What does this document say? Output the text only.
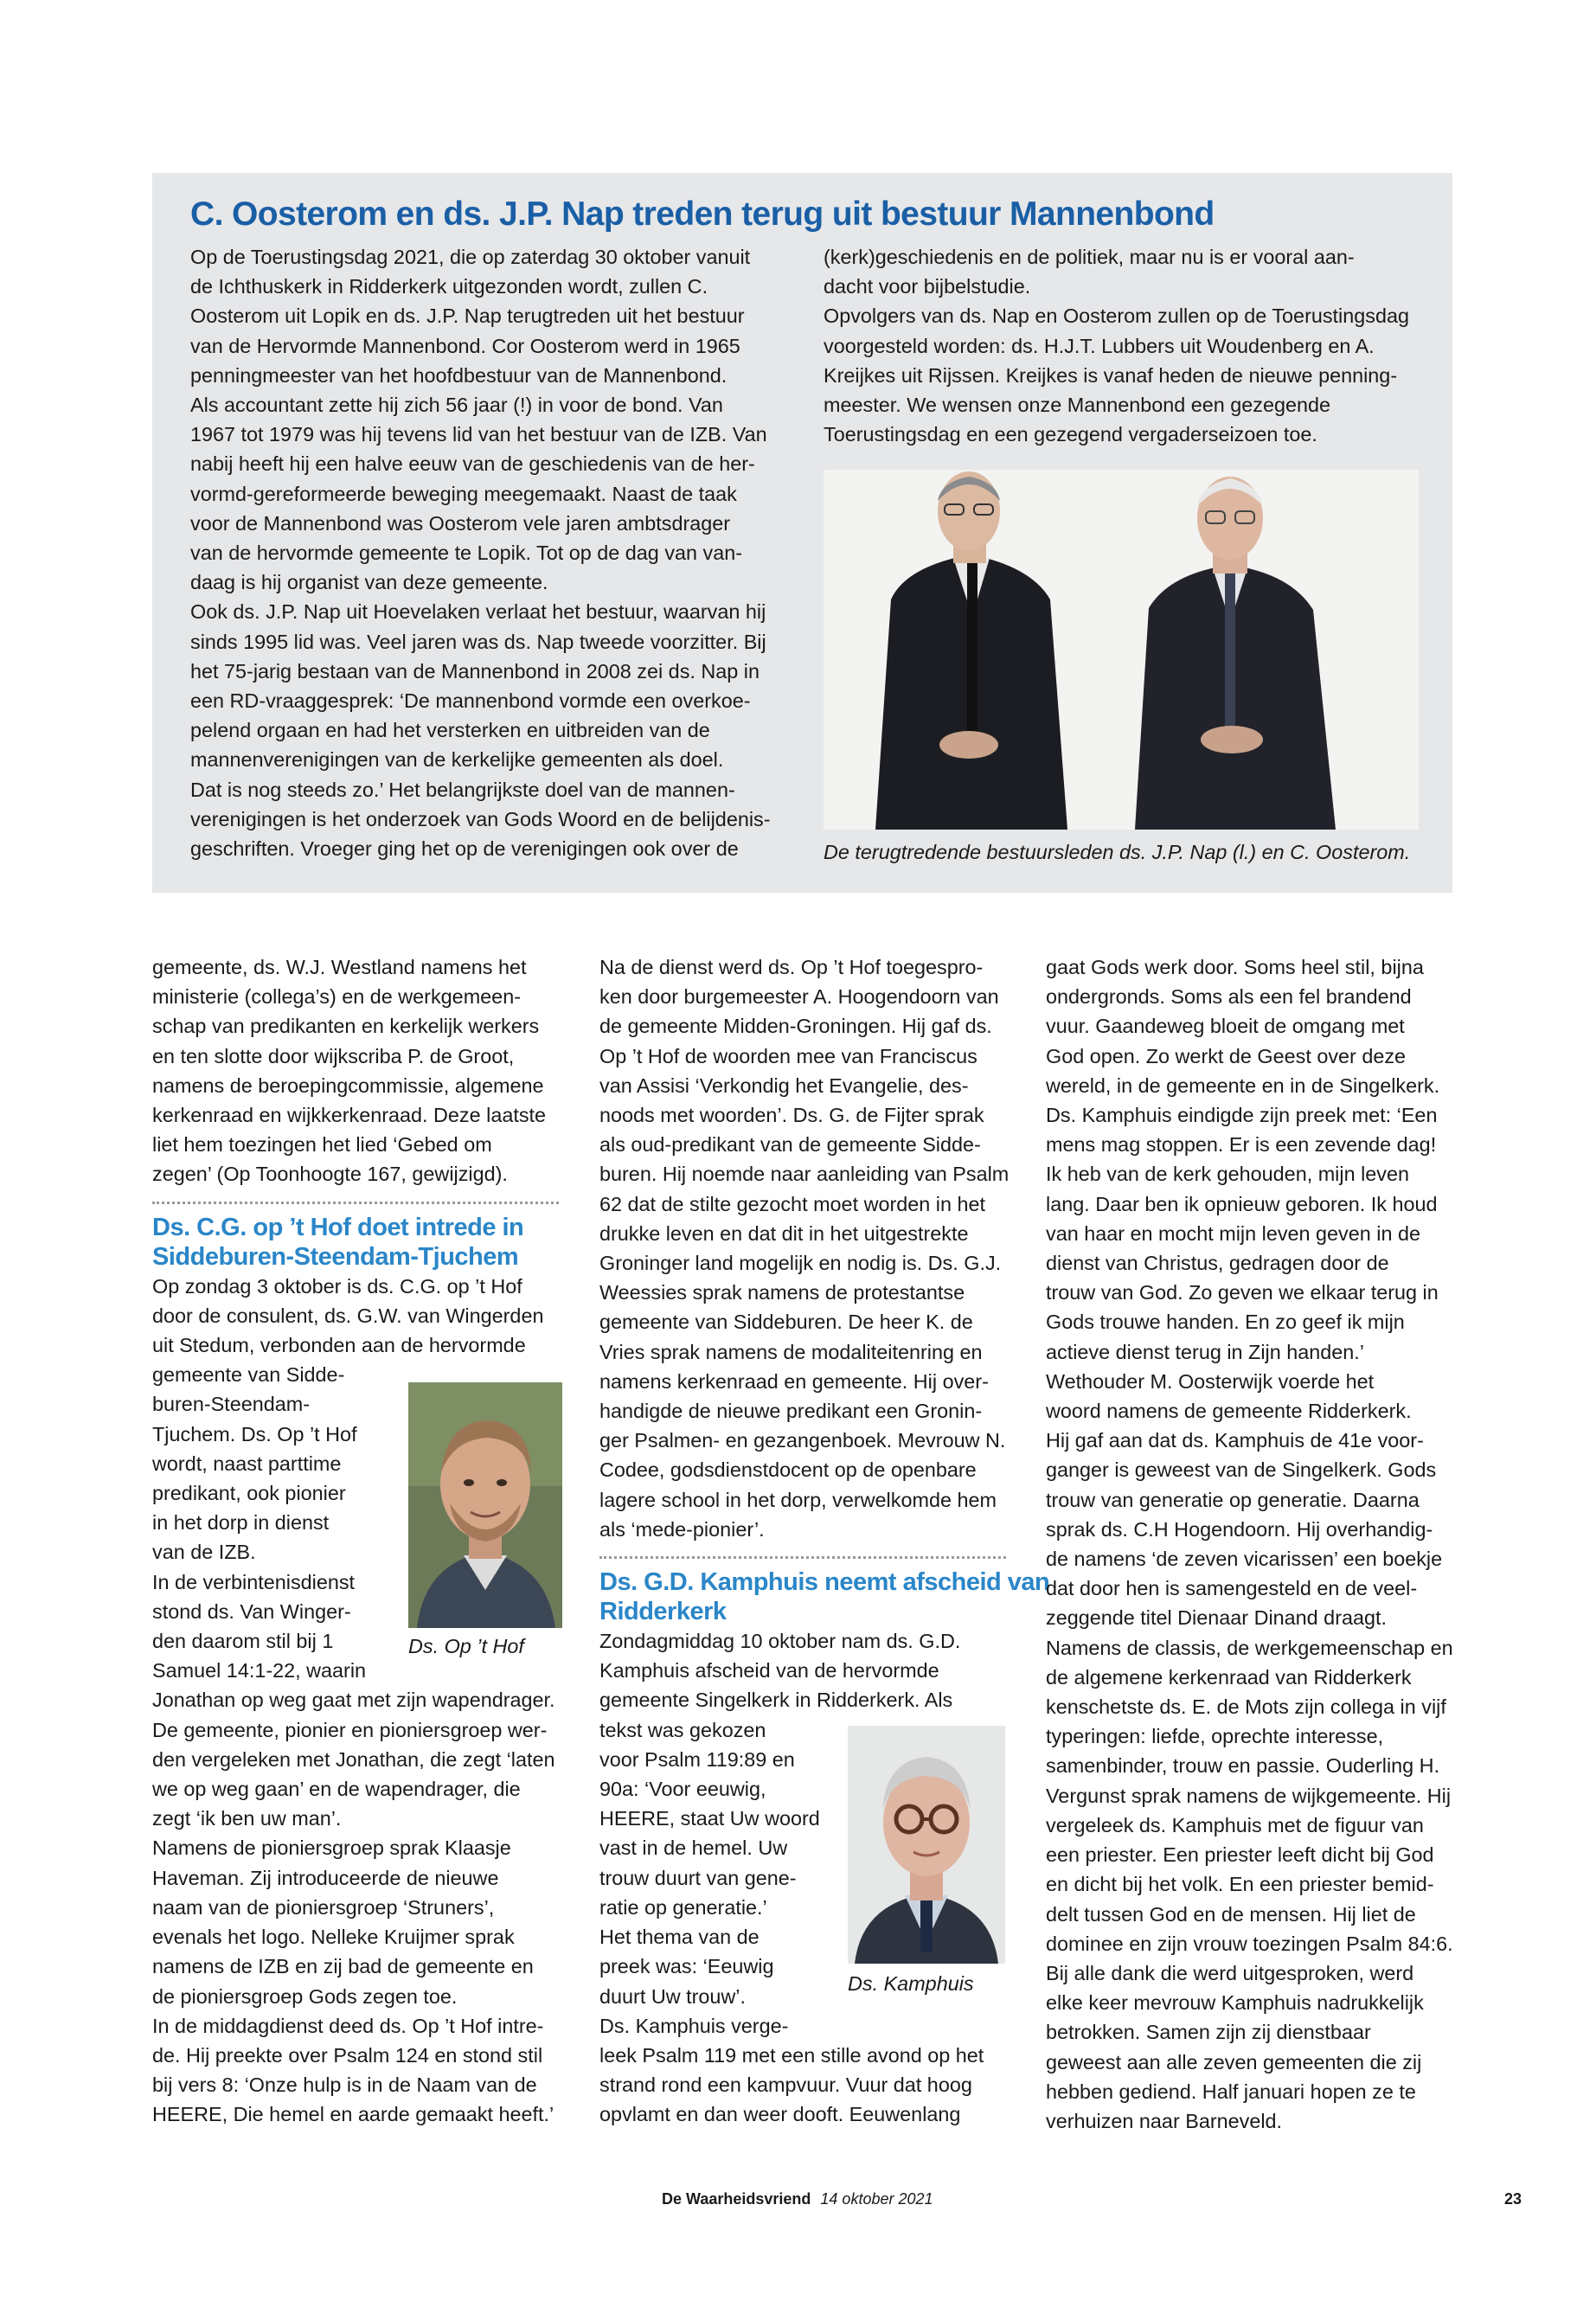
C. Oosterom en ds. J.P. Nap treden terug uit bestuur Mannenbond

Op de Toerustingsdag 2021, die op zaterdag 30 oktober vanuit

de Ichthuskerk in Ridderkerk uitgezonden wordt, zullen C.

Oosterom uit Lopik en ds. J.P. Nap terugtreden uit het bestuur

van de Hervormde Mannenbond. Cor Oosterom werd in 1965

penningmeester van het hoofdbestuur van de Mannenbond.

Als accountant zette hij zich 56 jaar (!) in voor de bond. Van

1967 tot 1979 was hij tevens lid van het bestuur van de IZB. Van

nabij heeft hij een halve eeuw van de geschiedenis van de her-

vormd-gereformeerde beweging meegemaakt. Naast de taak

voor de Mannenbond was Oosterom vele jaren ambtsdrager

van de hervormde gemeente te Lopik. Tot op de dag van van-

daag is hij organist van deze gemeente.

Ook ds. J.P. Nap uit Hoevelaken verlaat het bestuur, waarvan hij

sinds 1995 lid was. Veel jaren was ds. Nap tweede voorzitter. Bij

het 75-jarig bestaan van de Mannenbond in 2008 zei ds. Nap in

een RD-vraaggesprek: ‘De mannenbond vormde een overkoe-

pelend orgaan en had het versterken en uitbreiden van de

mannenverenigingen van de kerkelijke gemeenten als doel.

Dat is nog steeds zo.’ Het belangrijkste doel van de mannen-

verenigingen is het onderzoek van Gods Woord en de belijdenis-

geschriften. Vroeger ging het op de verenigingen ook over de

(kerk)geschiedenis en de politiek, maar nu is er vooral aan-

dacht voor bijbelstudie.

Opvolgers van ds. Nap en Oosterom zullen op de Toerustingsdag

voorgesteld worden: ds. H.J.T. Lubbers uit Woudenberg en A.

Kreijkes uit Rijssen. Kreijkes is vanaf heden de nieuwe penning-

meester. We wensen onze Mannenbond een gezegende

Toerustingsdag en een gezegend vergaderseizoen toe.

De terugtredende bestuursleden ds. J.P. Nap (l.) en C. Oosterom.

gemeente, ds. W.J. Westland namens het

ministerie (collega’s) en de werkgemeen-

schap van predikanten en kerkelijk werkers

en ten slotte door wijkscriba P. de Groot,

namens de beroepingcommissie, algemene

kerkenraad en wijkkerkenraad. Deze laatste

liet hem toezingen het lied ‘Gebed om

zegen’ (Op Toonhoogte 167, gewijzigd).

Ds. C.G. op ’t Hof doet intrede in

Siddeburen-Steendam-Tjuchem

Op zondag 3 oktober is ds. C.G. op ’t Hof

door de consulent, ds. G.W. van Wingerden

uit Stedum, verbonden aan de hervormde

gemeente van Sidde-

buren-Steendam-

Tjuchem. Ds. Op ’t Hof

wordt, naast parttime

predikant, ook pionier

in het dorp in dienst

van de IZB.

In de verbintenisdienst

stond ds. Van Winger-

den daarom stil bij 1

Samuel 14:1-22, waarin

Jonathan op weg gaat met zijn wapendrager.

De gemeente, pionier en pioniersgroep wer-

den vergeleken met Jonathan, die zegt ‘laten

we op weg gaan’ en de wapendrager, die

zegt ‘ik ben uw man’.

Namens de pioniersgroep sprak Klaasje

Haveman. Zij introduceerde de nieuwe

naam van de pioniersgroep ‘Struners’,

evenals het logo. Nelleke Kruijmer sprak

namens de IZB en zij bad de gemeente en

de pioniersgroep Gods zegen toe.

In de middagdienst deed ds. Op ’t Hof intre-

de. Hij preekte over Psalm 124 en stond stil

bij vers 8: ‘Onze hulp is in de Naam van de

HEERE, Die hemel en aarde gemaakt heeft.’

Ds. Op ’t Hof

Na de dienst werd ds. Op ’t Hof toegespro-

ken door burgemeester A. Hoogendoorn van

de gemeente Midden-Groningen. Hij gaf ds.

Op ’t Hof de woorden mee van Franciscus

van Assisi ‘Verkondig het Evangelie, des-

noods met woorden’. Ds. G. de Fijter sprak

als oud-predikant van de gemeente Sidde-

buren. Hij noemde naar aanleiding van Psalm

62 dat de stilte gezocht moet worden in het

drukke leven en dat dit in het uitgestrekte

Groninger land mogelijk en nodig is. Ds. G.J.

Weessies sprak namens de protestantse

gemeente van Siddeburen. De heer K. de

Vries sprak namens de modaliteitenring en

namens kerkenraad en gemeente. Hij over-

handigde de nieuwe predikant een Gronin-

ger Psalmen- en gezangenboek. Mevrouw N.

Codee, godsdienstdocent op de openbare

lagere school in het dorp, verwelkomde hem

als ‘mede-pionier’.

Ds. G.D. Kamphuis neemt afscheid van

Ridderkerk

Zondagmiddag 10 oktober nam ds. G.D.

Kamphuis afscheid van de hervormde

gemeente Singelkerk in Ridderkerk. Als

tekst was gekozen

voor Psalm 119:89 en

90a: ‘Voor eeuwig,

HEERE, staat Uw woord

vast in de hemel. Uw

trouw duurt van gene-

ratie op generatie.’

Het thema van de

preek was: ‘Eeuwig

duurt Uw trouw’.

Ds. Kamphuis verge-

leek Psalm 119 met een stille avond op het

strand rond een kampvuur. Vuur dat hoog

opvlamt en dan weer dooft. Eeuwenlang

Ds. Kamphuis

gaat Gods werk door. Soms heel stil, bijna

ondergronds. Soms als een fel brandend

vuur. Gaandeweg bloeit de omgang met

God open. Zo werkt de Geest over deze

wereld, in de gemeente en in de Singelkerk.

Ds. Kamphuis eindigde zijn preek met: ‘Een

mens mag stoppen. Er is een zevende dag!

Ik heb van de kerk gehouden, mijn leven

lang. Daar ben ik opnieuw geboren. Ik houd

van haar en mocht mijn leven geven in de

dienst van Christus, gedragen door de

trouw van God. Zo geven we elkaar terug in

Gods trouwe handen. En zo geef ik mijn

actieve dienst terug in Zijn handen.’

Wethouder M. Oosterwijk voerde het

woord namens de gemeente Ridderkerk.

Hij gaf aan dat ds. Kamphuis de 41e voor-

ganger is geweest van de Singelkerk. Gods

trouw van generatie op generatie. Daarna

sprak ds. C.H Hogendoorn. Hij overhandig-

de namens ‘de zeven vicarissen’ een boekje

dat door hen is samengesteld en de veel-

zeggende titel Dienaar Dinand draagt.

Namens de classis, de werkgemeenschap en

de algemene kerkenraad van Ridderkerk

kenschetste ds. E. de Mots zijn collega in vijf

typeringen: liefde, oprechte interesse,

samenbinder, trouw en passie. Ouderling H.

Vergunst sprak namens de wijkgemeente. Hij

vergeleek ds. Kamphuis met de figuur van

een priester. Een priester leeft dicht bij God

en dicht bij het volk. En een priester bemid-

delt tussen God en de mensen. Hij liet de

dominee en zijn vrouw toezingen Psalm 84:6.

Bij alle dank die werd uitgesproken, werd

elke keer mevrouw Kamphuis nadrukkelijk

betrokken. Samen zijn zij dienstbaar

geweest aan alle zeven gemeenten die zij

hebben gediend. Half januari hopen ze te

verhuizen naar Barneveld.

De Waarheidsvriend 14 oktober 2021	23
